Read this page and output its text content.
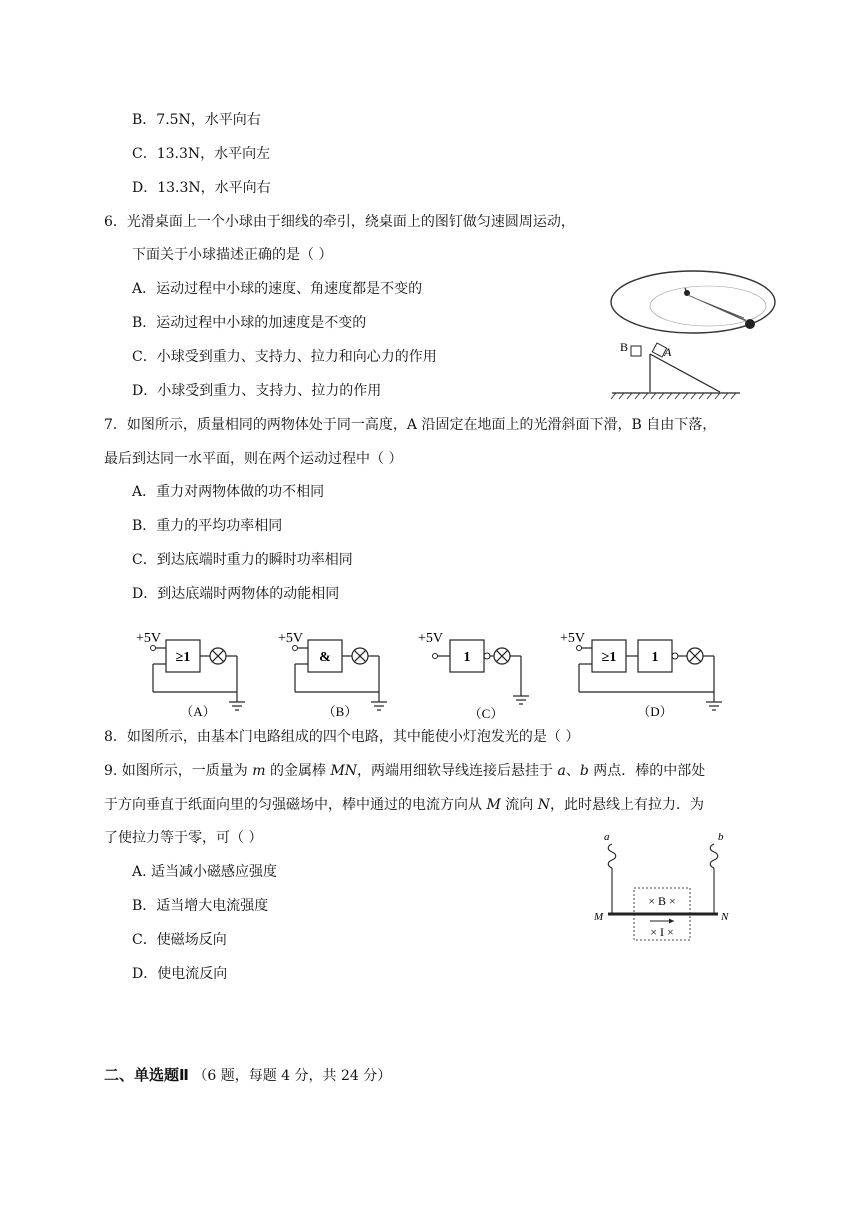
B．7.5N，水平向右
C．13.3N，水平向左
D．13.3N，水平向右
6．光滑桌面上一个小球由于细线的牵引，绕桌面上的图钉做匀速圆周运动，
下面关于小球描述正确的是（ ）
A．运动过程中小球的速度、角速度都是不变的
B．运动过程中小球的加速度是不变的
C．小球受到重力、支持力、拉力和向心力的作用
D．小球受到重力、支持力、拉力的作用
B	A
7．如图所示，质量相同的两物体处于同一高度，A 沿固定在地面上的光滑斜面下滑，B 自由下落，
最后到达同一水平面，则在两个运动过程中（ ）
A．重力对两物体做的功不相同
B．重力的平均功率相同
C．到达底端时重力的瞬时功率相同
D．到达底端时两物体的动能相同
+5V
≥1
（A）
+5V
&
（B）
+5V
1
（C）
+5V
≥1	1
（D）
8．如图所示，由基本门电路组成的四个电路，其中能使小灯泡发光的是（ ）
9. 如图所示，一质量为 m 的金属棒 MN，两端用细软导线连接后悬挂于 a、b 两点．棒的中部处
于方向垂直于纸面向里的匀强磁场中，棒中通过的电流方向从 M 流向 N，此时悬线上有拉力．为
了使拉力等于零，可（ ）
A. 适当减小磁感应强度
B．适当增大电流强度
C．使磁场反向
D．使电流反向
a	b
× B ×
× I ×
M	N
二、单选题Ⅱ （6 题，每题 4 分，共 24 分）
